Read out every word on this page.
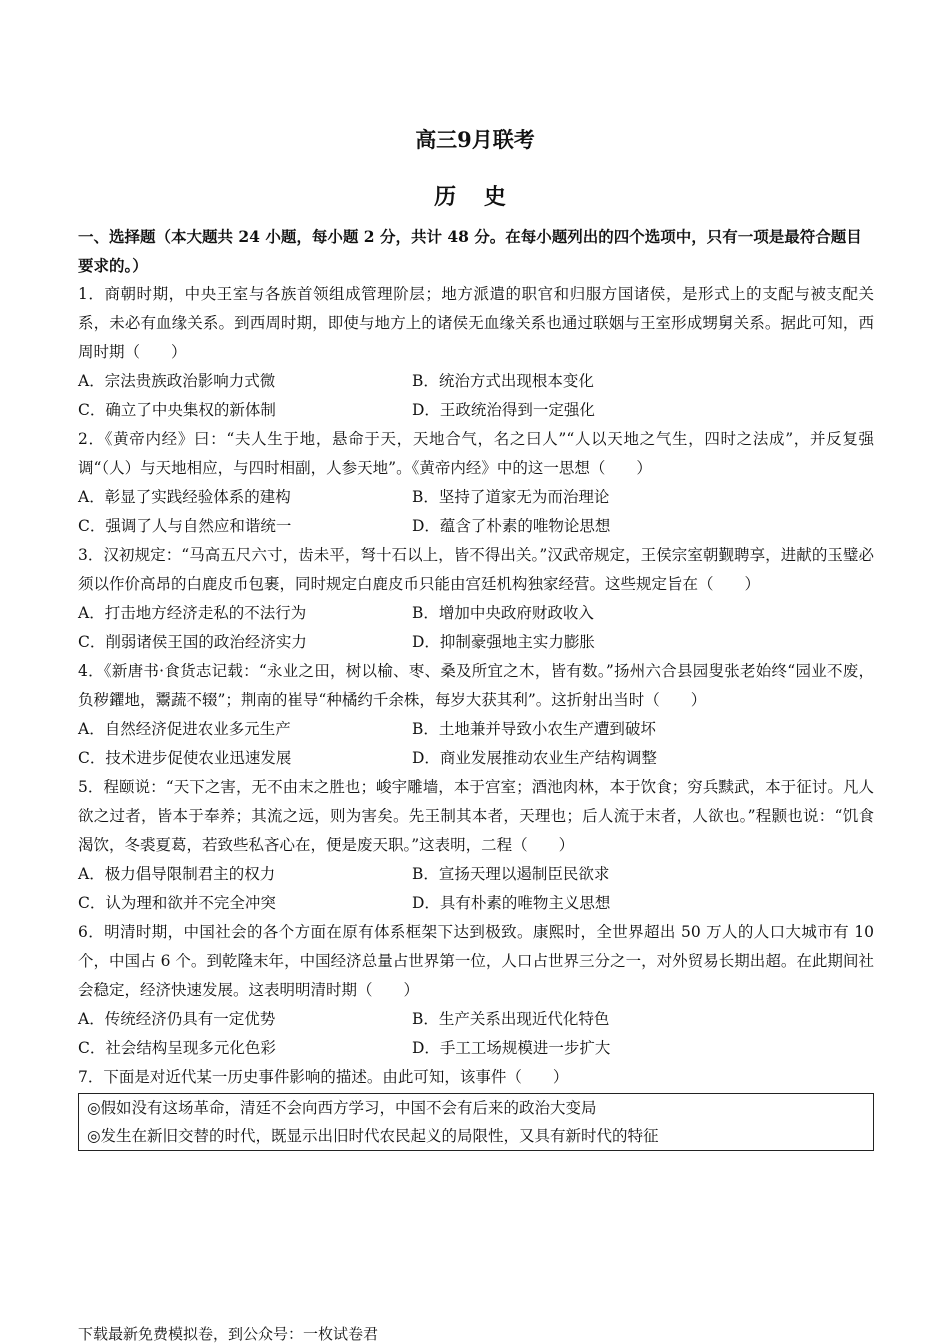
高三9月联考
历 史
一、选择题（本大题共 24 小题，每小题 2 分，共计 48 分。在每小题列出的四个选项中，只有一项是最符合题目要求的。）
1．商朝时期，中央王室与各族首领组成管理阶层；地方派遣的职官和归服方国诸侯，是形式上的支配与被支配关系，未必有血缘关系。到西周时期，即使与地方上的诸侯无血缘关系也通过联姻与王室形成甥舅关系。据此可知，西周时期（　　）
A．宗法贵族政治影响力式微	B．统治方式出现根本变化
C．确立了中央集权的新体制	D．王政统治得到一定强化
2．《黄帝内经》曰：“夫人生于地，悬命于天，天地合气，名之曰人”“人以天地之气生，四时之法成”，并反复强调“（人）与天地相应，与四时相副，人参天地”。《黄帝内经》中的这一思想（　　）
A．彰显了实践经验体系的建构	B．坚持了道家无为而治理论
C．强调了人与自然应和谐统一	D．蕴含了朴素的唯物论思想
3．汉初规定：“马高五尺六寸，齿未平，弩十石以上，皆不得出关。”汉武帝规定，王侯宗室朝觐聘享，进献的玉璧必须以作价高昂的白鹿皮币包裹，同时规定白鹿皮币只能由宫廷机构独家经营。这些规定旨在（　　）
A．打击地方经济走私的不法行为	B．增加中央政府财政收入
C．削弱诸侯王国的政治经济实力	D．抑制豪强地主实力膨胀
4．《新唐书·食货志记载：“永业之田，树以榆、枣、桑及所宜之木，皆有数。”扬州六合县园叟张老始终“园业不废，负秽鑺地，鬻蔬不辍”；荆南的崔导“种橘约千余株，每岁大获其利”。这折射出当时（　　）
A．自然经济促进农业多元生产	B．土地兼并导致小农生产遭到破坏
C．技术进步促使农业迅速发展	D．商业发展推动农业生产结构调整
5．程颐说：“天下之害，无不由末之胜也；峻宇雕墙，本于宫室；酒池肉林，本于饮食；穷兵黩武，本于征讨。凡人欲之过者，皆本于奉养；其流之远，则为害矣。先王制其本者，天理也；后人流于末者，人欲也。”程颢也说：“饥食渴饮，冬裘夏葛，若致些私吝心在，便是废天职。”这表明，二程（　　）
A．极力倡导限制君主的权力	B．宣扬天理以遏制臣民欲求
C．认为理和欲并不完全冲突	D．具有朴素的唯物主义思想
6．明清时期，中国社会的各个方面在原有体系框架下达到极致。康熙时，全世界超出 50 万人的人口大城市有 10 个，中国占 6 个。到乾隆末年，中国经济总量占世界第一位，人口占世界三分之一，对外贸易长期出超。在此期间社会稳定，经济快速发展。这表明明清时期（　　）
A．传统经济仍具有一定优势	B．生产关系出现近代化特色
C．社会结构呈现多元化色彩	D．手工工场规模进一步扩大
7．下面是对近代某一历史事件影响的描述。由此可知，该事件（　　）
◎假如没有这场革命，清廷不会向西方学习，中国不会有后来的政治大变局
◎发生在新旧交替的时代，既显示出旧时代农民起义的局限性，又具有新时代的特征
下载最新免费模拟卷，到公众号：一枚试卷君
